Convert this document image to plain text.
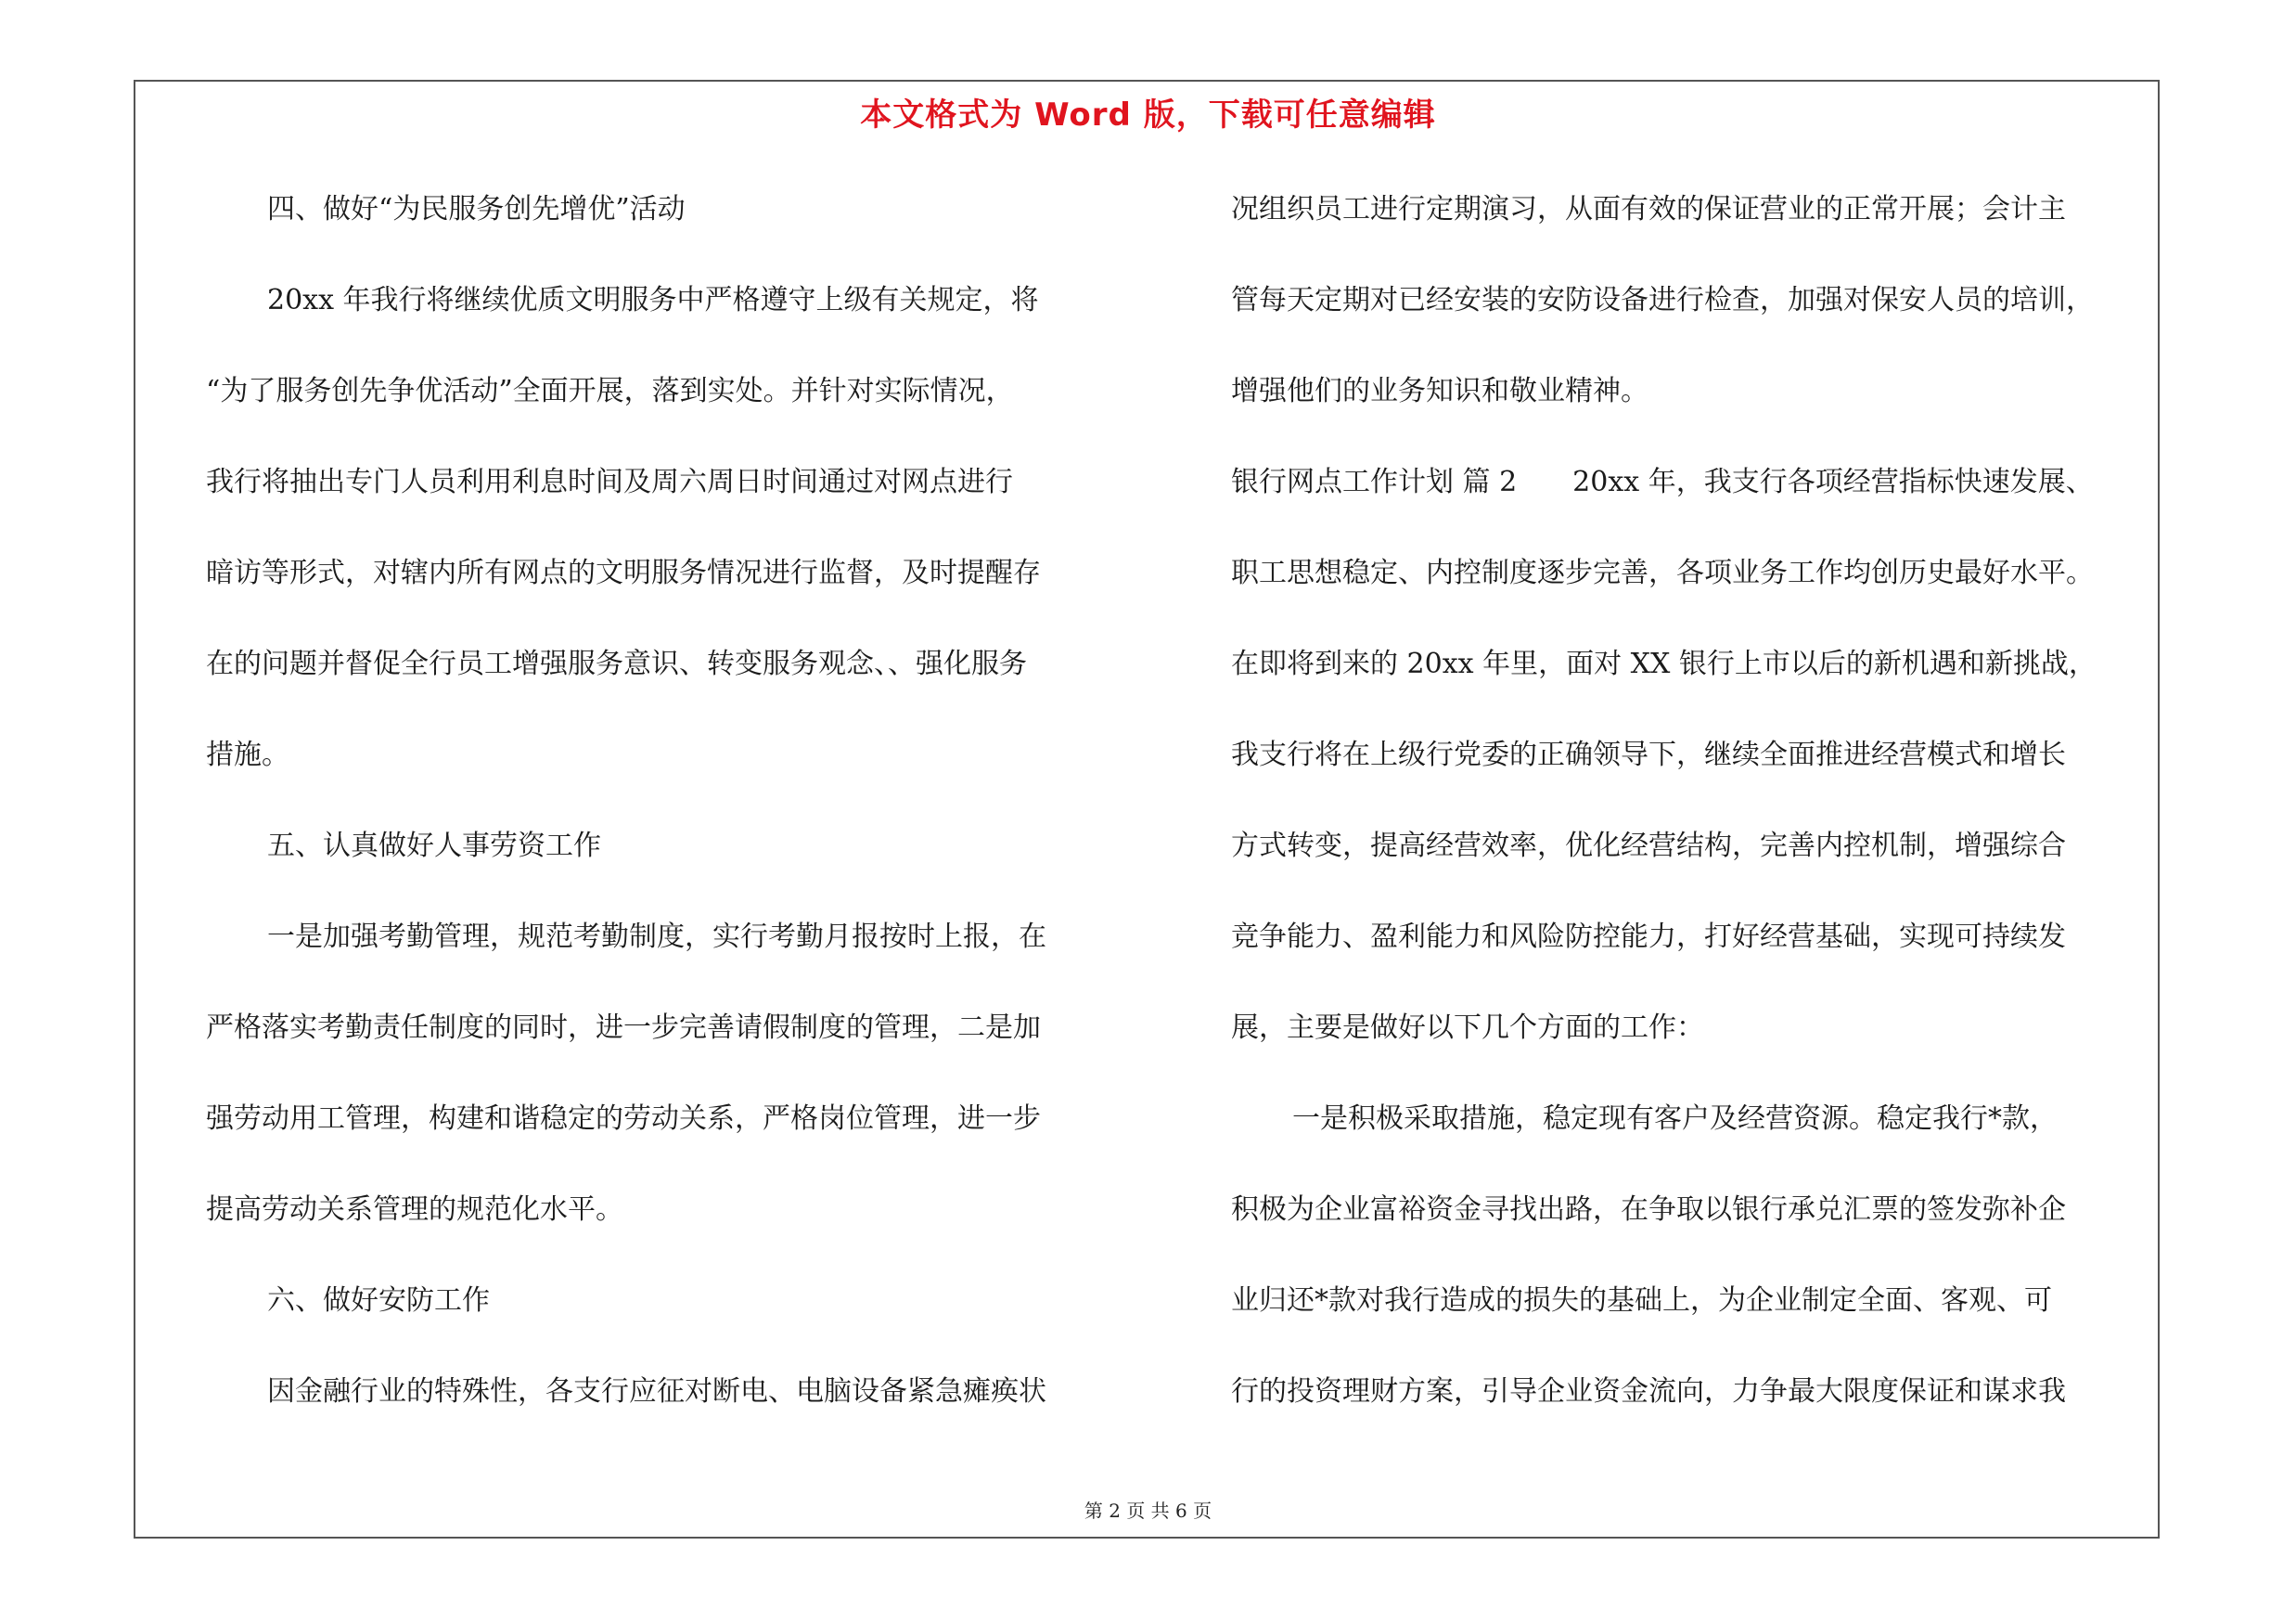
本文格式为 Word 版，下载可任意编辑
四、做好“为民服务创先增优”活动
20xx 年我行将继续优质文明服务中严格遵守上级有关规定，将
“为了服务创先争优活动”全面开展，落到实处。并针对实际情况，
我行将抽出专门人员利用利息时间及周六周日时间通过对网点进行
暗访等形式，对辖内所有网点的文明服务情况进行监督，及时提醒存
在的问题并督促全行员工增强服务意识、转变服务观念、、强化服务
措施。
五、认真做好人事劳资工作
一是加强考勤管理，规范考勤制度，实行考勤月报按时上报，在
严格落实考勤责任制度的同时，进一步完善请假制度的管理，二是加
强劳动用工管理，构建和谐稳定的劳动关系，严格岗位管理，进一步
提高劳动关系管理的规范化水平。
六、做好安防工作
因金融行业的特殊性，各支行应征对断电、电脑设备紧急瘫痪状
况组织员工进行定期演习，从面有效的保证营业的正常开展；会计主
管每天定期对已经安装的安防设备进行检查，加强对保安人员的培训，
增强他们的业务知识和敬业精神。
银行网点工作计划 篇 2　　20xx 年，我支行各项经营指标快速发展、
职工思想稳定、内控制度逐步完善，各项业务工作均创历史最好水平。
在即将到来的 20xx 年里，面对 XX 银行上市以后的新机遇和新挑战，
我支行将在上级行党委的正确领导下，继续全面推进经营模式和增长
方式转变，提高经营效率，优化经营结构，完善内控机制，增强综合
竞争能力、盈利能力和风险防控能力，打好经营基础，实现可持续发
展，主要是做好以下几个方面的工作：
一是积极采取措施，稳定现有客户及经营资源。稳定我行*款，
积极为企业富裕资金寻找出路，在争取以银行承兑汇票的签发弥补企
业归还*款对我行造成的损失的基础上，为企业制定全面、客观、可
行的投资理财方案，引导企业资金流向，力争最大限度保证和谋求我
第 2 页 共 6 页
